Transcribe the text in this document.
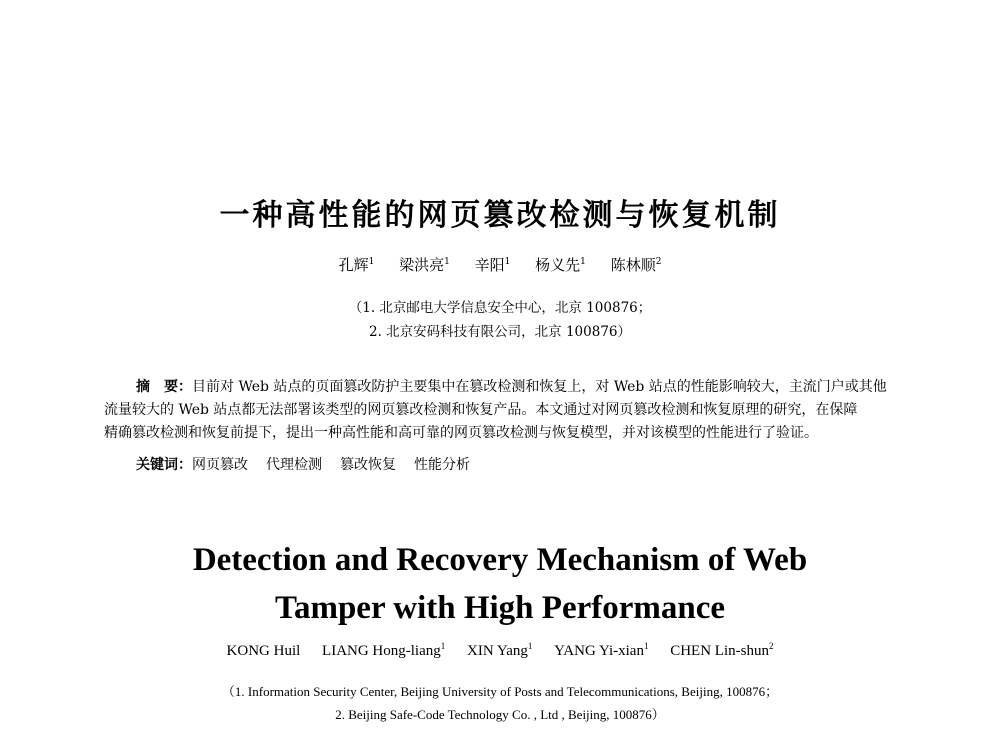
一种高性能的网页篡改检测与恢复机制
孔辉$^1$ 梁洪亮$^1$ 辛阳$^1$ 杨义先$^1$ 陈林顺$^2$
（1. 北京邮电大学信息安全中心，北京 100876；
2. 北京安码科技有限公司，北京 100876）
摘　要：目前对 Web 站点的页面篡改防护主要集中在篡改检测和恢复上，对 Web 站点的性能影响较大，主流门户或其他
流量较大的 Web 站点都无法部署该类型的网页篡改检测和恢复产品。本文通过对网页篡改检测和恢复原理的研究，在保障
精确篡改检测和恢复前提下，提出一种高性能和高可靠的网页篡改检测与恢复模型，并对该模型的性能进行了验证。
关键词：网页篡改 代理检测 篡改恢复 性能分析
Detection and Recovery Mechanism of Web
Tamper with High Performance
KONG Huil LIANG Hong-liang$^1$ XIN Yang$^1$ YANG Yi-xian$^1$ CHEN Lin-shun$^2$
（1. Information Security Center, Beijing University of Posts and Telecommunications, Beijing, 100876；
2. Beijing Safe-Code Technology Co. , Ltd , Beijing, 100876）
